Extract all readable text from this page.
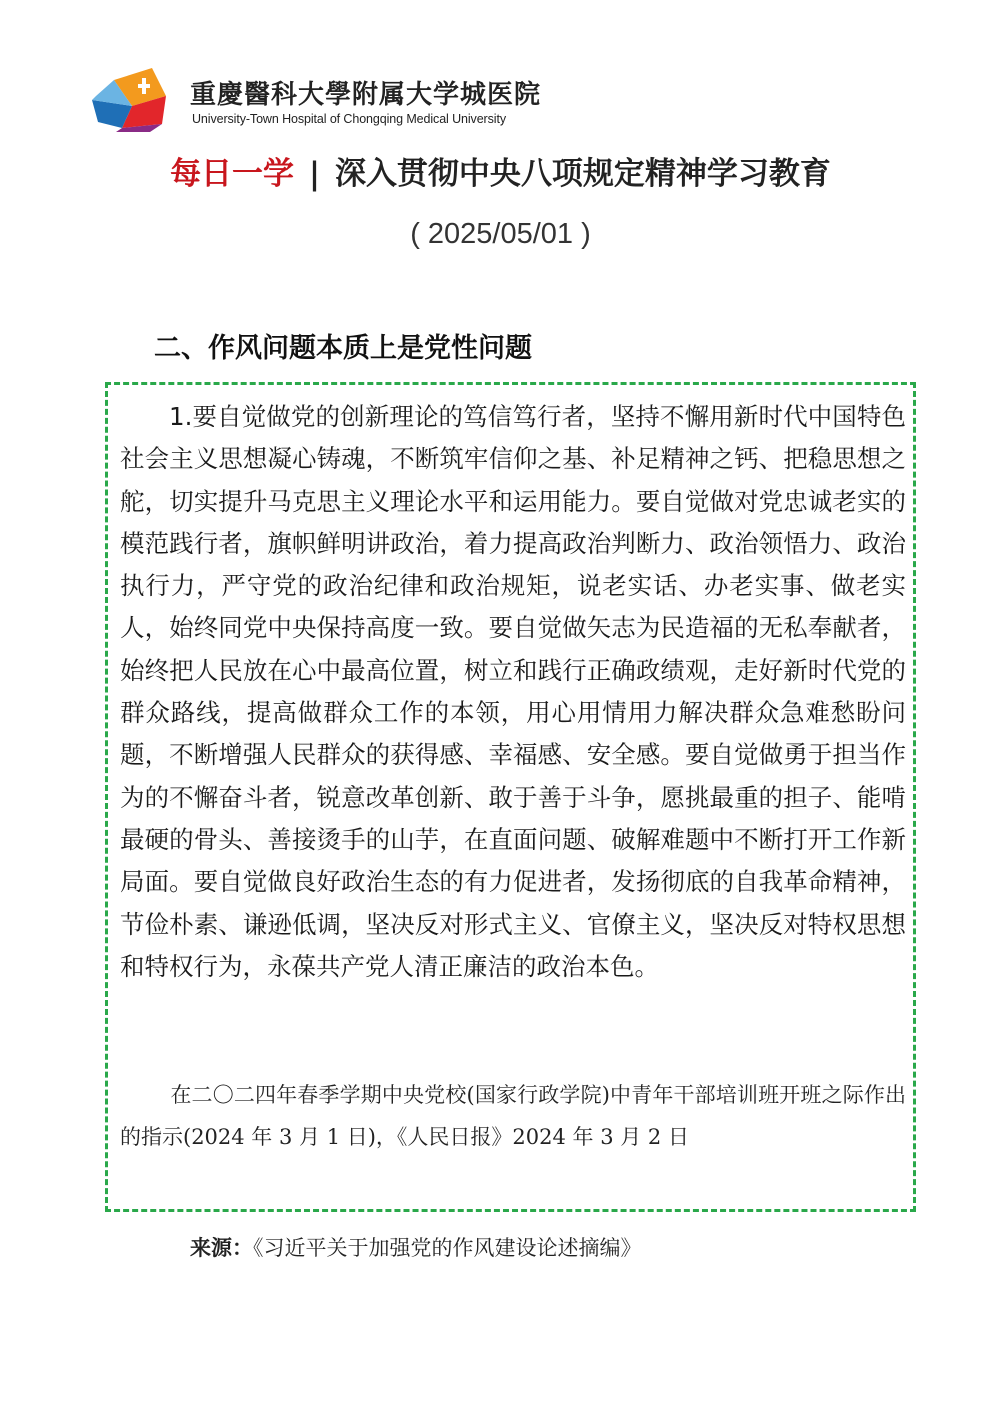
重慶醫科大學附属大学城医院
University-Town Hospital of Chongqing Medical University
每日一学 | 深入贯彻中央八项规定精神学习教育
( 2025/05/01 )
二、作风问题本质上是党性问题

1.要自觉做党的创新理论的笃信笃行者，坚持不懈用新时代中国特色社会主义思想凝心铸魂，不断筑牢信仰之基、补足精神之钙、把稳思想之舵，切实提升马克思主义理论水平和运用能力。要自觉做对党忠诚老实的模范践行者，旗帜鲜明讲政治，着力提高政治判断力、政治领悟力、政治执行力，严守党的政治纪律和政治规矩，说老实话、办老实事、做老实人，始终同党中央保持高度一致。要自觉做矢志为民造福的无私奉献者，始终把人民放在心中最高位置，树立和践行正确政绩观，走好新时代党的群众路线，提高做群众工作的本领，用心用情用力解决群众急难愁盼问题，不断增强人民群众的获得感、幸福感、安全感。要自觉做勇于担当作为的不懈奋斗者，锐意改革创新、敢于善于斗争，愿挑最重的担子、能啃最硬的骨头、善接烫手的山芋，在直面问题、破解难题中不断打开工作新局面。要自觉做良好政治生态的有力促进者，发扬彻底的自我革命精神，节俭朴素、谦逊低调，坚决反对形式主义、官僚主义，坚决反对特权思想和特权行为，永葆共产党人清正廉洁的政治本色。

在二〇二四年春季学期中央党校(国家行政学院)中青年干部培训班开班之际作出的指示(2024 年 3 月 1 日)，《人民日报》2024 年 3 月 2 日

来源：《习近平关于加强党的作风建设论述摘编》
